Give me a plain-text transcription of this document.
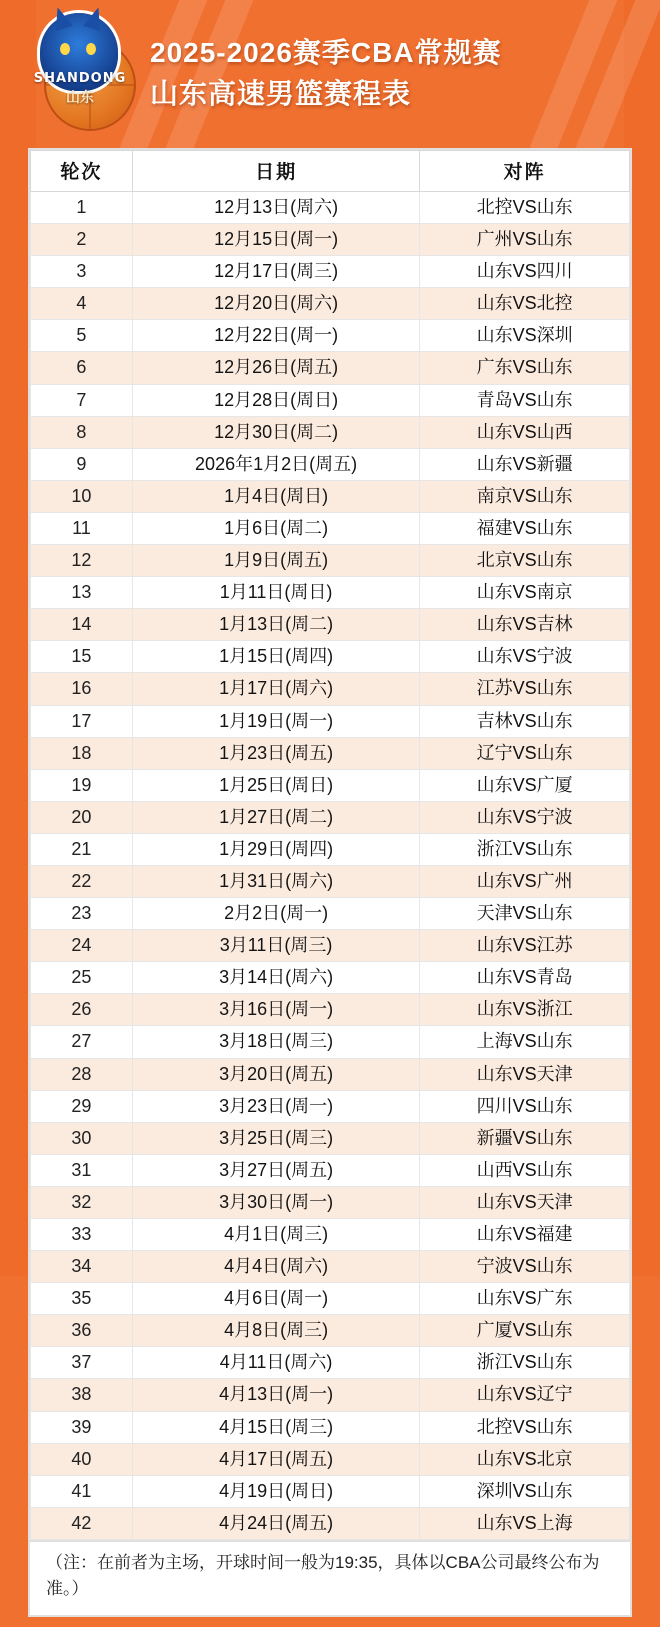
SHANDONG
山东
2025-2026赛季CBA常规赛
山东高速男篮赛程表
轮次	日期	对阵
1	12月13日(周六)	北控VS山东
2	12月15日(周一)	广州VS山东
3	12月17日(周三)	山东VS四川
4	12月20日(周六)	山东VS北控
5	12月22日(周一)	山东VS深圳
6	12月26日(周五)	广东VS山东
7	12月28日(周日)	青岛VS山东
8	12月30日(周二)	山东VS山西
9	2026年1月2日(周五)	山东VS新疆
10	1月4日(周日)	南京VS山东
11	1月6日(周二)	福建VS山东
12	1月9日(周五)	北京VS山东
13	1月11日(周日)	山东VS南京
14	1月13日(周二)	山东VS吉林
15	1月15日(周四)	山东VS宁波
16	1月17日(周六)	江苏VS山东
17	1月19日(周一)	吉林VS山东
18	1月23日(周五)	辽宁VS山东
19	1月25日(周日)	山东VS广厦
20	1月27日(周二)	山东VS宁波
21	1月29日(周四)	浙江VS山东
22	1月31日(周六)	山东VS广州
23	2月2日(周一)	天津VS山东
24	3月11日(周三)	山东VS江苏
25	3月14日(周六)	山东VS青岛
26	3月16日(周一)	山东VS浙江
27	3月18日(周三)	上海VS山东
28	3月20日(周五)	山东VS天津
29	3月23日(周一)	四川VS山东
30	3月25日(周三)	新疆VS山东
31	3月27日(周五)	山西VS山东
32	3月30日(周一)	山东VS天津
33	4月1日(周三)	山东VS福建
34	4月4日(周六)	宁波VS山东
35	4月6日(周一)	山东VS广东
36	4月8日(周三)	广厦VS山东
37	4月11日(周六)	浙江VS山东
38	4月13日(周一)	山东VS辽宁
39	4月15日(周三)	北控VS山东
40	4月17日(周五)	山东VS北京
41	4月19日(周日)	深圳VS山东
42	4月24日(周五)	山东VS上海
（注：在前者为主场，开球时间一般为19:35，具体以CBA公司最终公布为准。）
